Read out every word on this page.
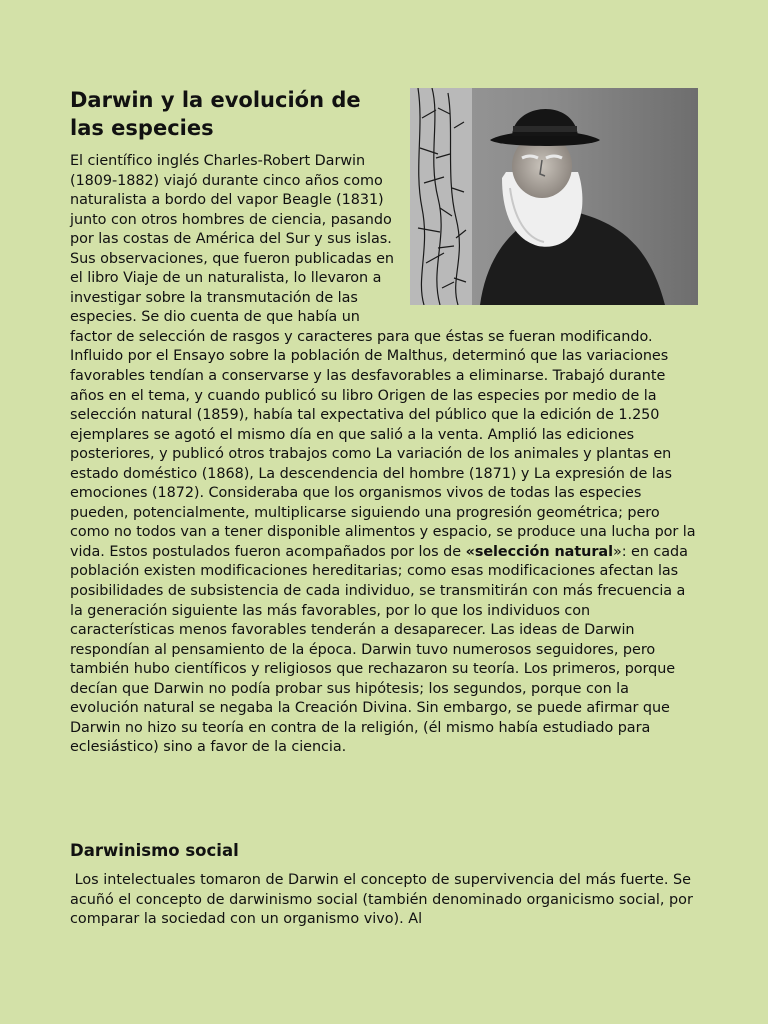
Darwin y la evolución de las especies

El científico inglés Charles-Robert Darwin (1809-1882) viajó durante cinco años como naturalista a bordo del vapor Beagle (1831) junto con otros hombres de ciencia, pasando por las costas de América del Sur y sus islas. Sus observaciones, que fueron publicadas en el libro Viaje de un naturalista, lo llevaron a investigar sobre la transmutación de las especies. Se dio cuenta de que había un factor de selección de rasgos y caracteres para que éstas se fueran modificando. Influido por el Ensayo sobre la población de Malthus, determinó que las variaciones favorables tendían a conservarse y las desfavorables a eliminarse. Trabajó durante años en el tema, y cuando publicó su libro Origen de las especies por medio de la selección natural (1859), había tal expectativa del público que la edición de 1.250 ejemplares se agotó el mismo día en que salió a la venta. Amplió las ediciones posteriores, y publicó otros trabajos como La variación de los animales y plantas en estado doméstico (1868), La descendencia del hombre (1871) y La expresión de las emociones (1872). Consideraba que los organismos vivos de todas las especies pueden, potencialmente, multiplicarse siguiendo una progresión geométrica; pero como no todos van a tener disponible alimentos y espacio, se produce una lucha por la vida. Estos postulados fueron acompañados por los de «selección natural»: en cada población existen modificaciones hereditarias; como esas modificaciones afectan las posibilidades de subsistencia de cada individuo, se transmitirán con más frecuencia a la generación siguiente las más favorables, por lo que los individuos con características menos favorables tenderán a desaparecer. Las ideas de Darwin respondían al pensamiento de la época. Darwin tuvo numerosos seguidores, pero también hubo científicos y religiosos que rechazaron su teoría. Los primeros, porque decían que Darwin no podía probar sus hipótesis; los segundos, porque con la evolución natural se negaba la Creación Divina. Sin embargo, se puede afirmar que Darwin no hizo su teoría en contra de la religión, (él mismo había estudiado para eclesiástico) sino a favor de la ciencia.

Darwinismo social

Los intelectuales tomaron de Darwin el concepto de supervivencia del más fuerte. Se acuñó el concepto de darwinismo social (también denominado organicismo social, por comparar la sociedad con un organismo vivo). Al
